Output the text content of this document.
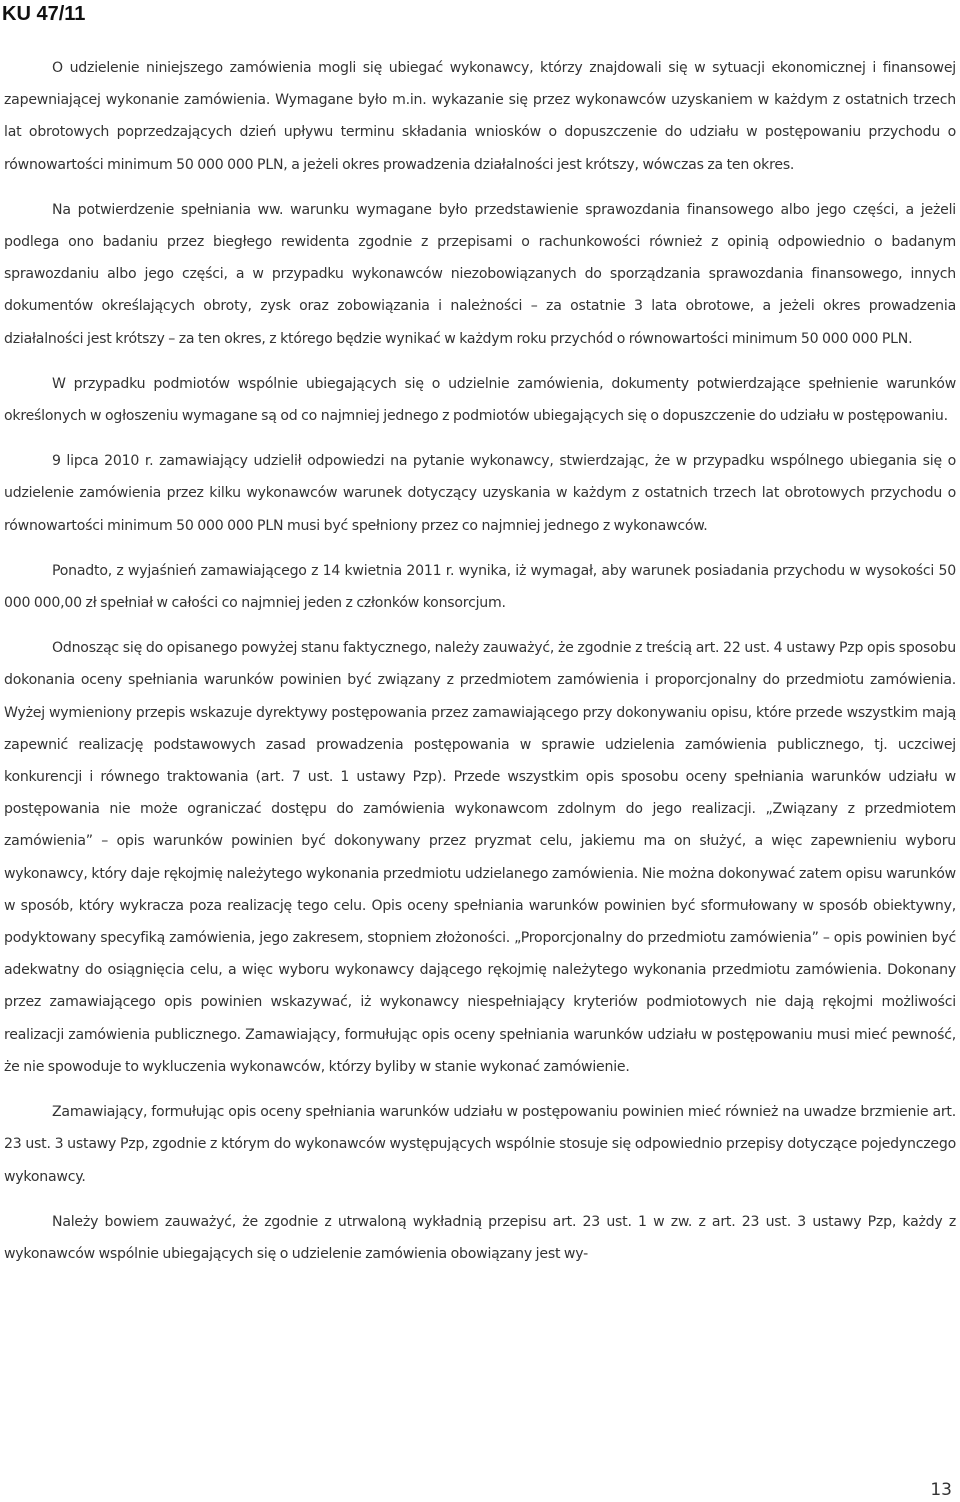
KU 47/11

O udzielenie niniejszego zamówienia mogli się ubiegać wykonawcy, którzy znajdowali się w sytuacji ekonomicznej i finansowej zapewniającej wykonanie zamówienia. Wymagane było m.in. wykazanie się przez wykonawców uzyskaniem w każdym z ostatnich trzech lat obrotowych poprzedzających dzień upływu terminu składania wniosków o dopuszczenie do udziału w postępowaniu przychodu o równowartości minimum 50 000 000 PLN, a jeżeli okres prowadzenia działalności jest krótszy, wówczas za ten okres.

Na potwierdzenie spełniania ww. warunku wymagane było przedstawienie sprawozdania finansowego albo jego części, a jeżeli podlega ono badaniu przez biegłego rewidenta zgodnie z przepisami o rachunkowości również z opinią odpowiednio o badanym sprawozdaniu albo jego części, a w przypadku wykonawców niezobowiązanych do sporządzania sprawozdania finansowego, innych dokumentów określających obroty, zysk oraz zobowiązania i należności – za ostatnie 3 lata obrotowe, a jeżeli okres prowadzenia działalności jest krótszy – za ten okres, z którego będzie wynikać w każdym roku przychód o równowartości minimum 50 000 000 PLN.

W przypadku podmiotów wspólnie ubiegających się o udzielnie zamówienia, dokumenty potwierdzające spełnienie warunków określonych w ogłoszeniu wymagane są od co najmniej jednego z podmiotów ubiegających się o dopuszczenie do udziału w postępowaniu.

9 lipca 2010 r. zamawiający udzielił odpowiedzi na pytanie wykonawcy, stwierdzając, że w przypadku wspólnego ubiegania się o udzielenie zamówienia przez kilku wykonawców warunek dotyczący uzyskania w każdym z ostatnich trzech lat obrotowych przychodu o równowartości minimum 50 000 000 PLN musi być spełniony przez co najmniej jednego z wykonawców.

Ponadto, z wyjaśnień zamawiającego z 14 kwietnia 2011 r. wynika, iż wymagał, aby warunek posiadania przychodu w wysokości 50 000 000,00 zł spełniał w całości co najmniej jeden z członków konsorcjum.

Odnosząc się do opisanego powyżej stanu faktycznego, należy zauważyć, że zgodnie z treścią art. 22 ust. 4 ustawy Pzp opis sposobu dokonania oceny spełniania warunków powinien być związany z przedmiotem zamówienia i proporcjonalny do przedmiotu zamówienia. Wyżej wymieniony przepis wskazuje dyrektywy postępowania przez zamawiającego przy dokonywaniu opisu, które przede wszystkim mają zapewnić realizację podstawowych zasad prowadzenia postępowania w sprawie udzielenia zamówienia publicznego, tj. uczciwej konkurencji i równego traktowania (art. 7 ust. 1 ustawy Pzp). Przede wszystkim opis sposobu oceny spełniania warunków udziału w postępowania nie może ograniczać dostępu do zamówienia wykonawcom zdolnym do jego realizacji. „Związany z przedmiotem zamówienia” – opis warunków powinien być dokonywany przez pryzmat celu, jakiemu ma on służyć, a więc zapewnieniu wyboru wykonawcy, który daje rękojmię należytego wykonania przedmiotu udzielanego zamówienia. Nie można dokonywać zatem opisu warunków w sposób, który wykracza poza realizację tego celu. Opis oceny spełniania warunków powinien być sformułowany w sposób obiektywny, podyktowany specyfiką zamówienia, jego zakresem, stopniem złożoności. „Proporcjonalny do przedmiotu zamówienia” – opis powinien być adekwatny do osiągnięcia celu, a więc wyboru wykonawcy dającego rękojmię należytego wykonania przedmiotu zamówienia. Dokonany przez zamawiającego opis powinien wskazywać, iż wykonawcy niespełniający kryteriów podmiotowych nie dają rękojmi możliwości realizacji zamówienia publicznego. Zamawiający, formułując opis oceny spełniania warunków udziału w postępowaniu musi mieć pewność, że nie spowoduje to wykluczenia wykonawców, którzy byliby w stanie wykonać zamówienie.

Zamawiający, formułując opis oceny spełniania warunków udziału w postępowaniu powinien mieć również na uwadze brzmienie art. 23 ust. 3 ustawy Pzp, zgodnie z którym do wykonawców występujących wspólnie stosuje się odpowiednio przepisy dotyczące pojedynczego wykonawcy.

Należy bowiem zauważyć, że zgodnie z utrwaloną wykładnią przepisu art. 23 ust. 1 w zw. z art. 23 ust. 3 ustawy Pzp, każdy z wykonawców wspólnie ubiegających się o udzielenie zamówienia obowiązany jest wy-

13
